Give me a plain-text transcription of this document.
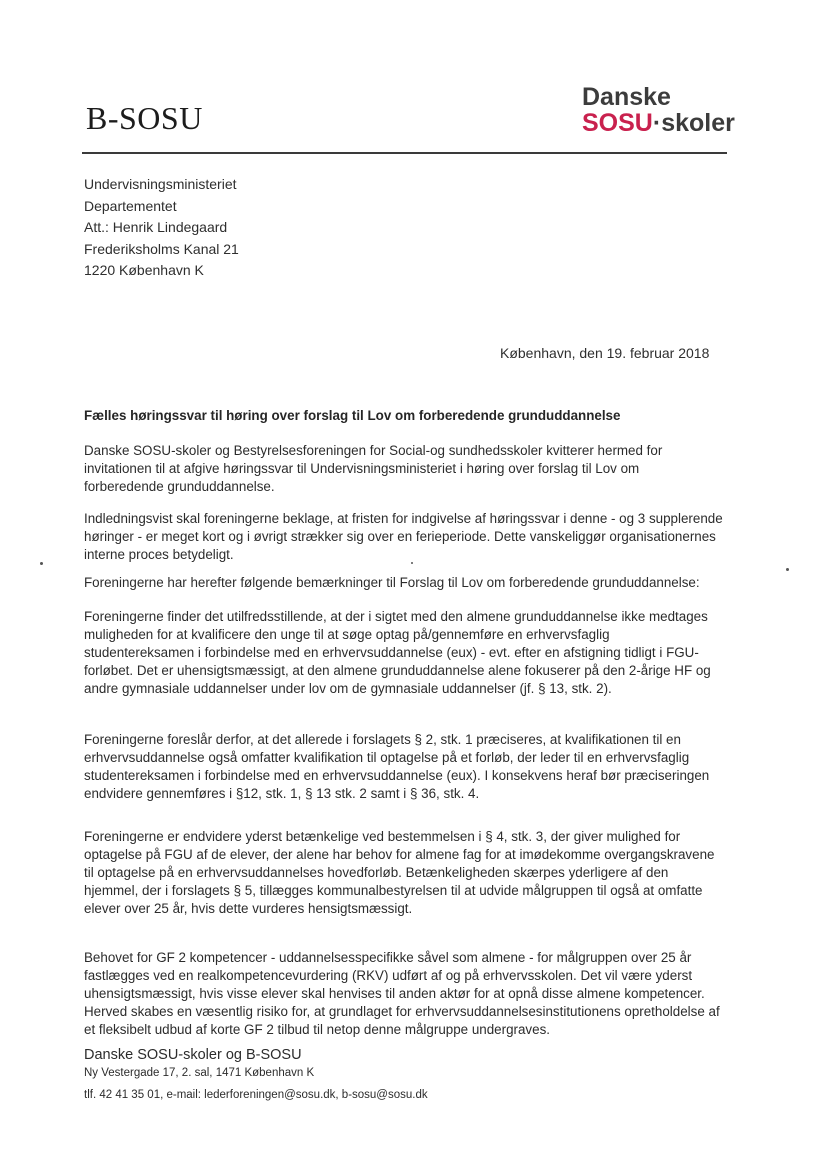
B-SOSU
Danske
SOSU·skoler
Undervisningsministeriet
Departementet
Att.: Henrik Lindegaard
Frederiksholms Kanal 21
1220 København K
København, den 19. februar 2018
Fælles høringssvar til høring over forslag til Lov om forberedende grunduddannelse
Danske SOSU-skoler og Bestyrelsesforeningen for Social-og sundhedsskoler kvitterer hermed for
invitationen til at afgive høringssvar til Undervisningsministeriet i høring over forslag til Lov om
forberedende grunduddannelse.
Indledningsvist skal foreningerne beklage, at fristen for indgivelse af høringssvar i denne - og 3 supplerende
høringer - er meget kort og i øvrigt strækker sig over en ferieperiode. Dette vanskeliggør organisationernes
interne proces betydeligt.
Foreningerne har herefter følgende bemærkninger til Forslag til Lov om forberedende grunduddannelse:
Foreningerne finder det utilfredsstillende, at der i sigtet med den almene grunduddannelse ikke medtages
muligheden for at kvalificere den unge til at søge optag på/gennemføre en erhvervsfaglig
studentereksamen i forbindelse med en erhvervsuddannelse (eux) - evt. efter en afstigning tidligt i FGU-
forløbet. Det er uhensigtsmæssigt, at den almene grunduddannelse alene fokuserer på den 2-årige HF og
andre gymnasiale uddannelser under lov om de gymnasiale uddannelser (jf. § 13, stk. 2).
Foreningerne foreslår derfor, at det allerede i forslagets § 2, stk. 1 præciseres, at kvalifikationen til en
erhvervsuddannelse også omfatter kvalifikation til optagelse på et forløb, der leder til en erhvervsfaglig
studentereksamen i forbindelse med en erhvervsuddannelse (eux). I konsekvens heraf bør præciseringen
endvidere gennemføres i §12, stk. 1, § 13 stk. 2 samt i § 36, stk. 4.
Foreningerne er endvidere yderst betænkelige ved bestemmelsen i § 4, stk. 3, der giver mulighed for
optagelse på FGU af de elever, der alene har behov for almene fag for at imødekomme overgangskravene
til optagelse på en erhvervsuddannelses hovedforløb. Betænkeligheden skærpes yderligere af den
hjemmel, der i forslagets § 5, tillægges kommunalbestyrelsen til at udvide målgruppen til også at omfatte
elever over 25 år, hvis dette vurderes hensigtsmæssigt.
Behovet for GF 2 kompetencer - uddannelsesspecifikke såvel som almene - for målgruppen over 25 år
fastlægges ved en realkompetencevurdering (RKV) udført af og på erhvervsskolen. Det vil være yderst
uhensigtsmæssigt, hvis visse elever skal henvises til anden aktør for at opnå disse almene kompetencer.
Herved skabes en væsentlig risiko for, at grundlaget for erhvervsuddannelsesinstitutionens opretholdelse af
et fleksibelt udbud af korte GF 2 tilbud til netop denne målgruppe undergraves.
Danske SOSU-skoler og B-SOSU
Ny Vestergade 17, 2. sal, 1471 København K
tlf. 42 41 35 01, e-mail: lederforeningen@sosu.dk, b-sosu@sosu.dk
